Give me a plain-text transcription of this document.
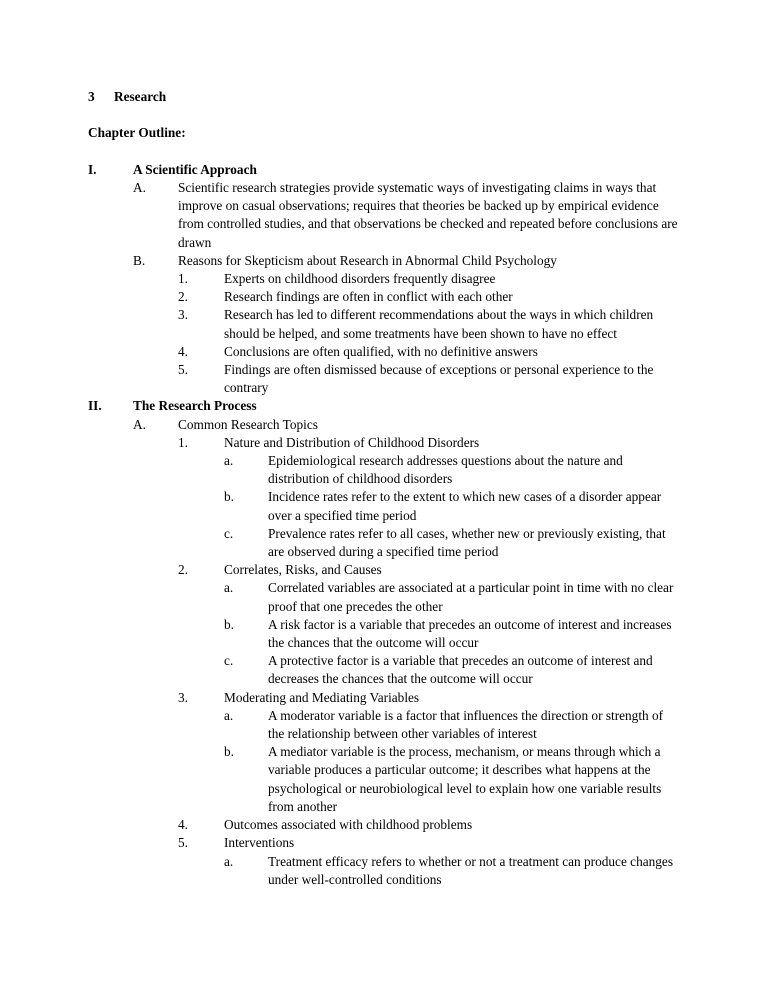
3 Research
Chapter Outline:
I.	A Scientific Approach
A.	Scientific research strategies provide systematic ways of investigating claims in ways that improve on casual observations; requires that theories be backed up by empirical evidence from controlled studies, and that observations be checked and repeated before conclusions are drawn
B.	Reasons for Skepticism about Research in Abnormal Child Psychology
1.	Experts on childhood disorders frequently disagree
2.	Research findings are often in conflict with each other
3.	Research has led to different recommendations about the ways in which children should be helped, and some treatments have been shown to have no effect
4.	Conclusions are often qualified, with no definitive answers
5.	Findings are often dismissed because of exceptions or personal experience to the contrary
II.	The Research Process
A.	Common Research Topics
1.	Nature and Distribution of Childhood Disorders
a.	Epidemiological research addresses questions about the nature and distribution of childhood disorders
b.	Incidence rates refer to the extent to which new cases of a disorder appear over a specified time period
c.	Prevalence rates refer to all cases, whether new or previously existing, that are observed during a specified time period
2.	Correlates, Risks, and Causes
a.	Correlated variables are associated at a particular point in time with no clear proof that one precedes the other
b.	A risk factor is a variable that precedes an outcome of interest and increases the chances that the outcome will occur
c.	A protective factor is a variable that precedes an outcome of interest and decreases the chances that the outcome will occur
3.	Moderating and Mediating Variables
a.	A moderator variable is a factor that influences the direction or strength of the relationship between other variables of interest
b.	A mediator variable is the process, mechanism, or means through which a variable produces a particular outcome; it describes what happens at the psychological or neurobiological level to explain how one variable results from another
4.	Outcomes associated with childhood problems
5.	Interventions
a.	Treatment efficacy refers to whether or not a treatment can produce changes under well-controlled conditions
